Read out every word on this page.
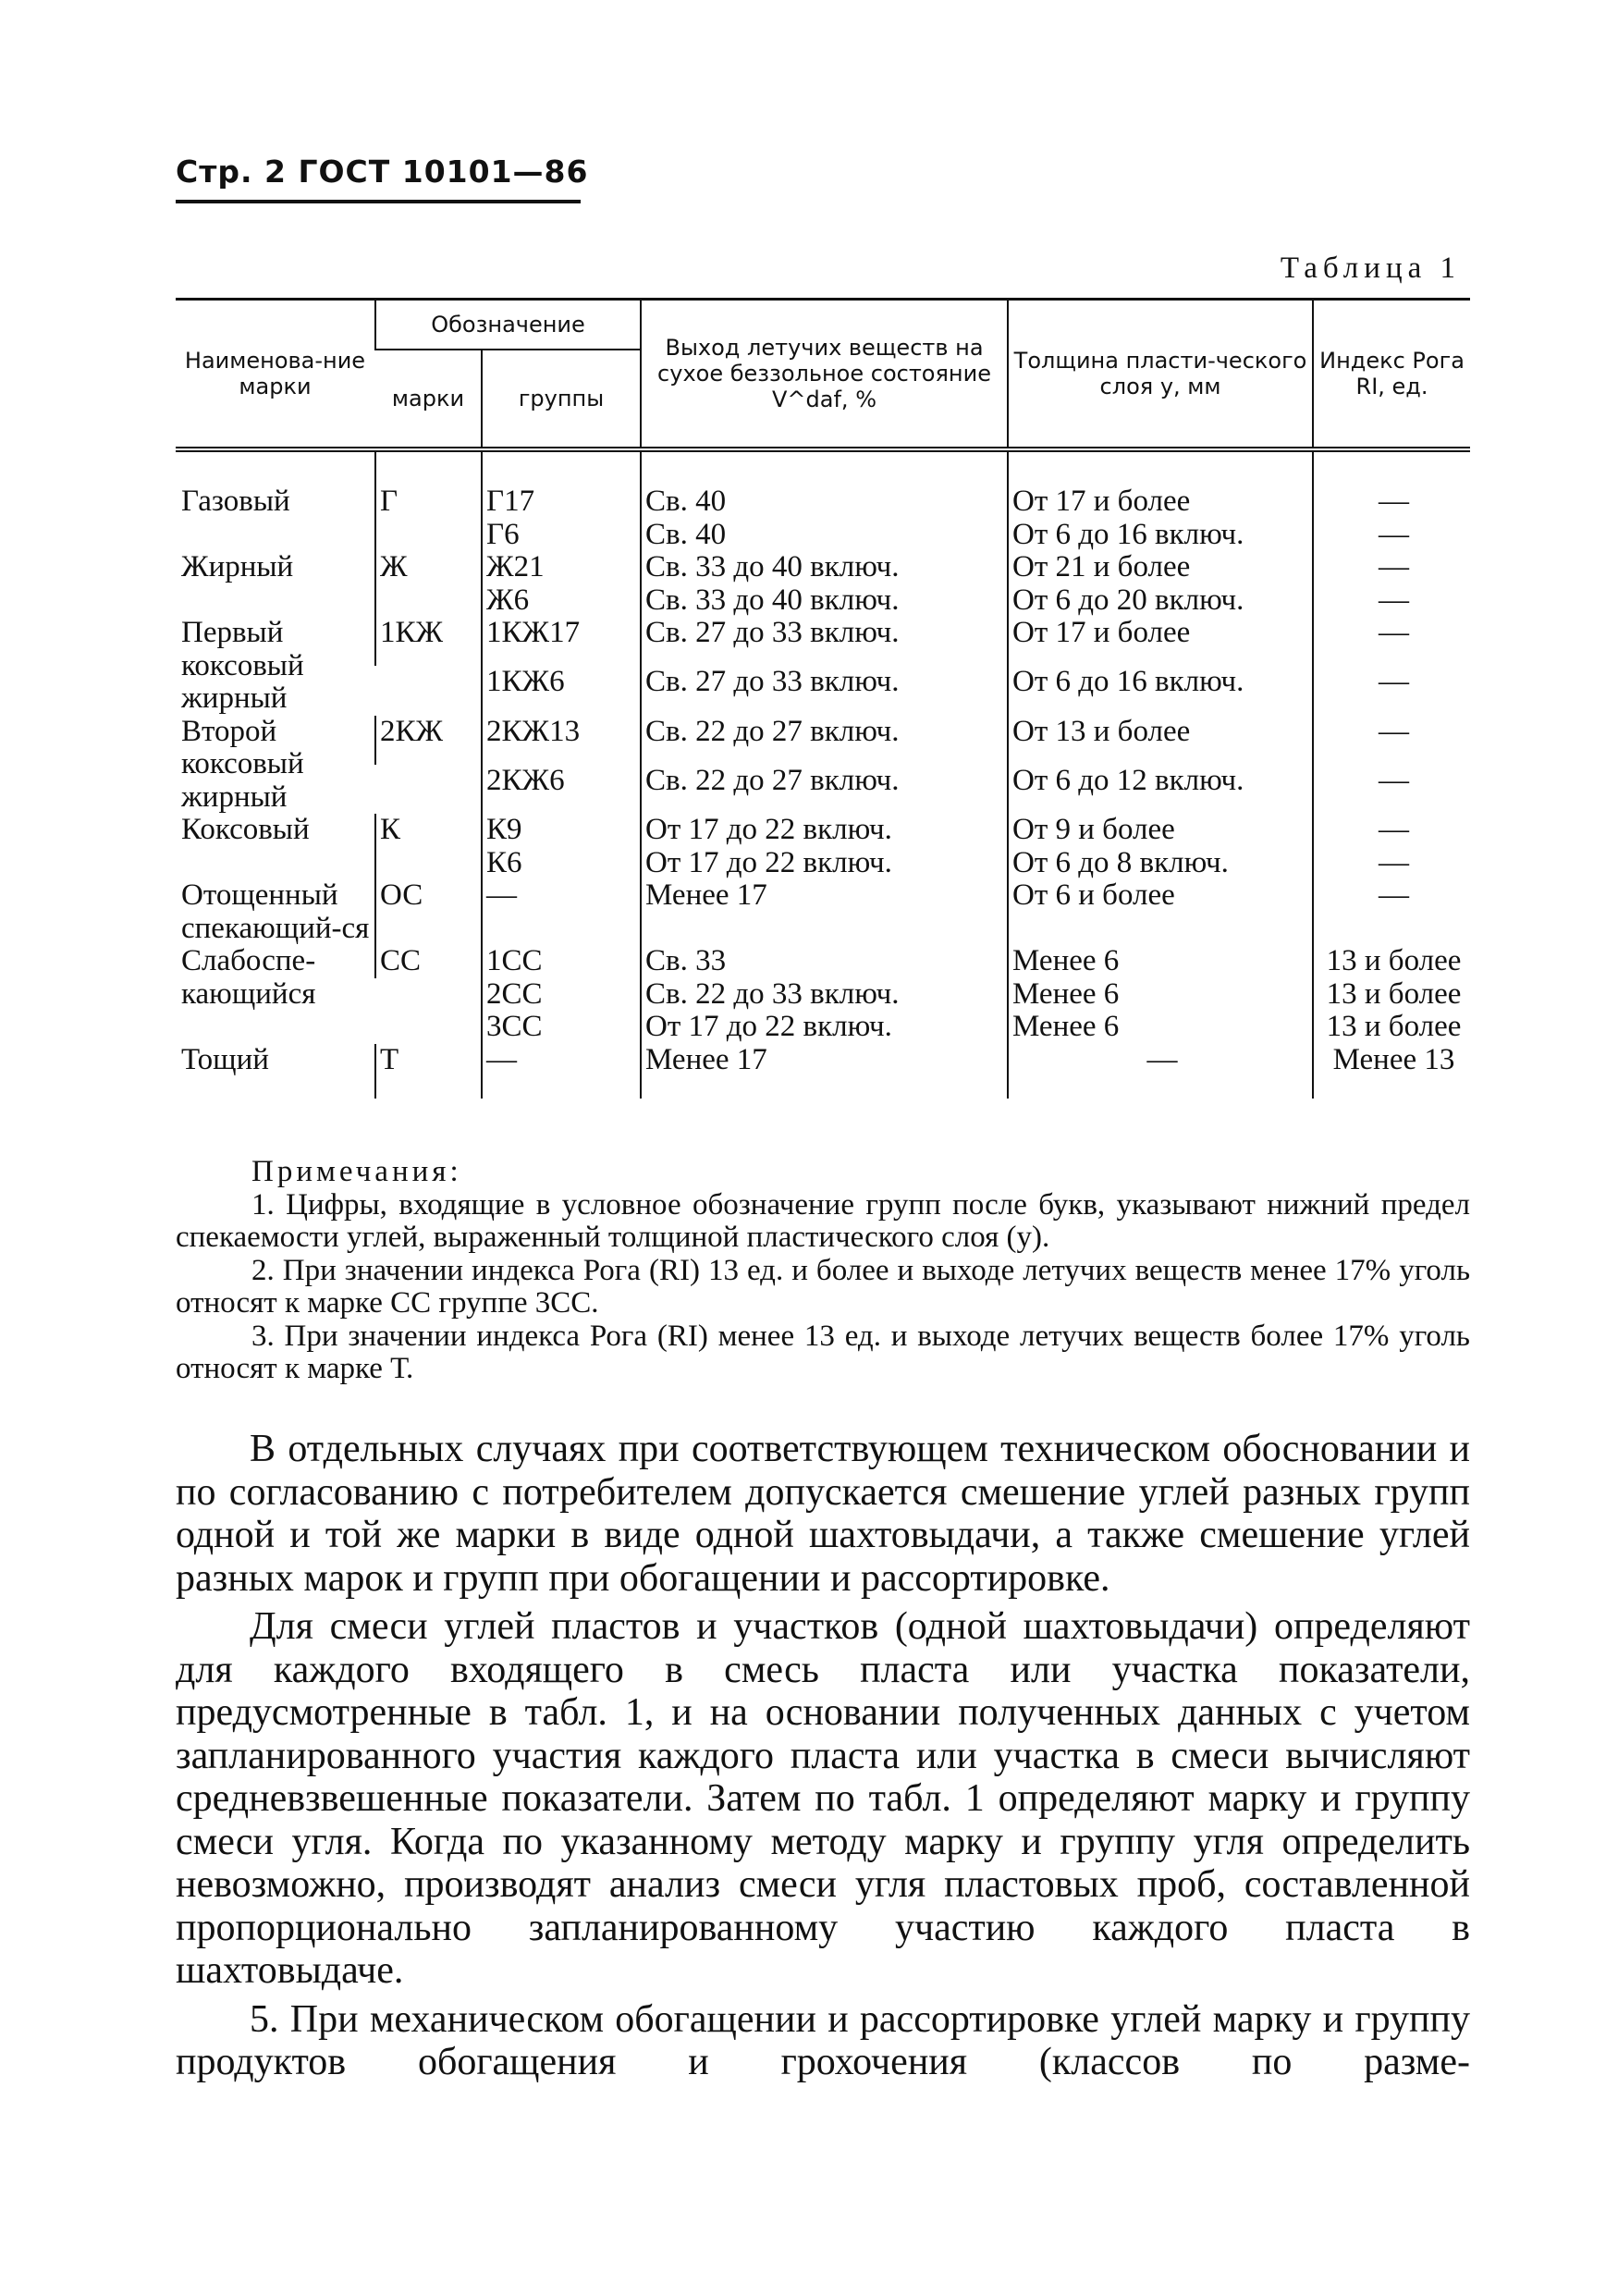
Стр. 2 ГОСТ 10101—86
Таблица 1
Наименова-ние марки	Обозначение		Выход летучих веществ на сухое беззольное состояние V^daf, %	Толщина пласти-ческого слоя y, мм	Индекс Рога RI, ед.
	марки	группы			
Газовый	Г	Г17	Св. 40	От 17 и более	—
		Г6	Св. 40	От 6 до 16 включ.	—
Жирный	Ж	Ж21	Св. 33 до 40 включ.	От 21 и более	—
		Ж6	Св. 33 до 40 включ.	От 6 до 20 включ.	—
Первый коксовый жирный	1КЖ	1КЖ17	Св. 27 до 33 включ.	От 17 и более	—
		1КЖ6	Св. 27 до 33 включ.	От 6 до 16 включ.	—
Второй коксовый жирный	2КЖ	2КЖ13	Св. 22 до 27 включ.	От 13 и более	—
		2КЖ6	Св. 22 до 27 включ.	От 6 до 12 включ.	—
Коксовый	К	К9	От 17 до 22 включ.	От 9 и более	—
		К6	От 17 до 22 включ.	От 6 до 8 включ.	—
Отощенный спекающий-ся	ОС	—	Менее 17	От 6 и более	—
Слабоспе-кающийся	СС	1СС	Св. 33	Менее 6	13 и более
		2СС	Св. 22 до 33 включ.	Менее 6	13 и более
		3СС	От 17 до 22 включ.	Менее 6	13 и более
Тощий	Т	—	Менее 17	—	Менее 13

Примечания:

1. Цифры, входящие в условное обозначение групп после букв, указывают нижний предел спекаемости углей, выраженный толщиной пластического слоя (y).

2. При значении индекса Рога (RI) 13 ед. и более и выходе летучих веществ менее 17% уголь относят к марке СС группе 3СС.

3. При значении индекса Рога (RI) менее 13 ед. и выходе летучих веществ более 17% уголь относят к марке Т.

В отдельных случаях при соответствующем техническом обосновании и по согласованию с потребителем допускается смешение углей разных групп одной и той же марки в виде одной шахтовыдачи, а также смешение углей разных марок и групп при обогащении и рассортировке.

Для смеси углей пластов и участков (одной шахтовыдачи) определяют для каждого входящего в смесь пласта или участка показатели, предусмотренные в табл. 1, и на основании полученных данных с учетом запланированного участия каждого пласта или участка в смеси вычисляют средневзвешенные показатели. Затем по табл. 1 определяют марку и группу смеси угля. Когда по указанному методу марку и группу угля определить невозможно, производят анализ смеси угля пластовых проб, составленной пропорционально запланированному участию каждого пласта в шахтовыдаче.

5. При механическом обогащении и рассортировке углей марку и группу продуктов обогащения и грохочения (классов по разме-
